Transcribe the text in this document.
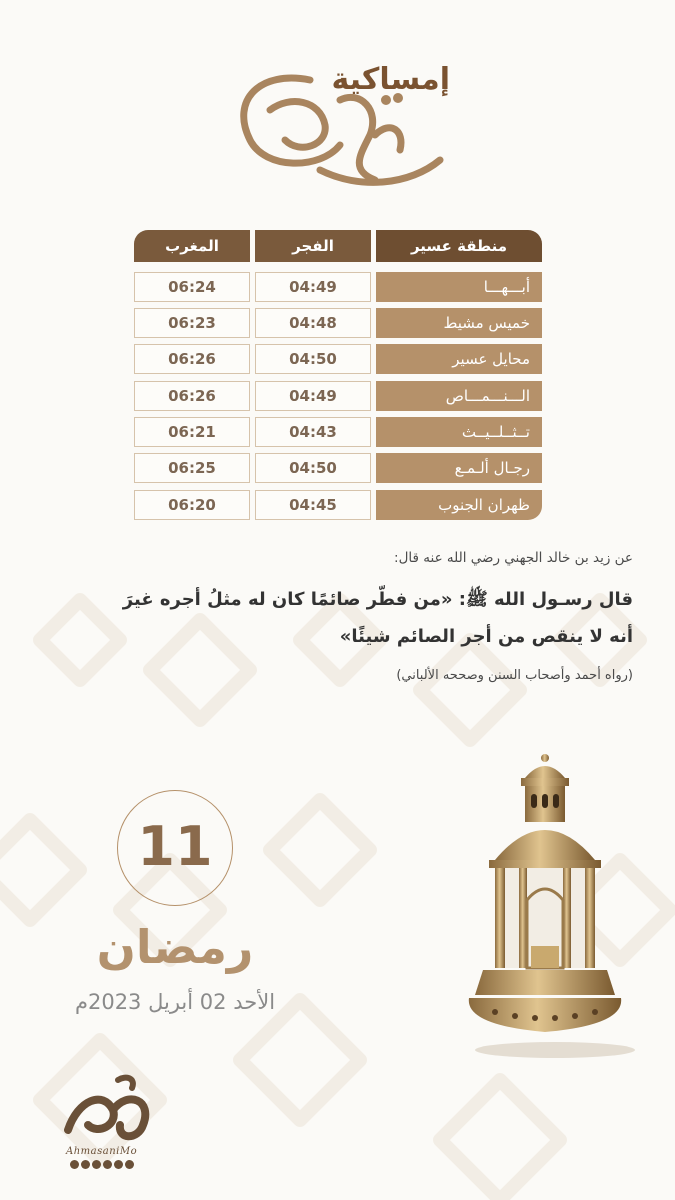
إمساكية
المغرب	الفجر	منطقة عسير
06:24	04:49	أبـــهـــا
06:23	04:48	خميس مشيط
06:26	04:50	محايل عسير
06:26	04:49	الـــنـــمـــاص
06:21	04:43	تــثــلــيــث
06:25	04:50	رجـال ألـمـع
06:20	04:45	ظهران الجنوب
عن زيد بن خالد الجهني رضي الله عنه قال:
قال رسـول الله ﷺ: «من فطّر صائمًا كان له مثلُ أجره غيرَ
أنه لا ينقص من أجر الصائم شيئًا»
(رواه أحمد وأصحاب السنن وصححه الألباني)
11
رمضان
الأحد 02 أبريل 2023م
AhmasaniMo
